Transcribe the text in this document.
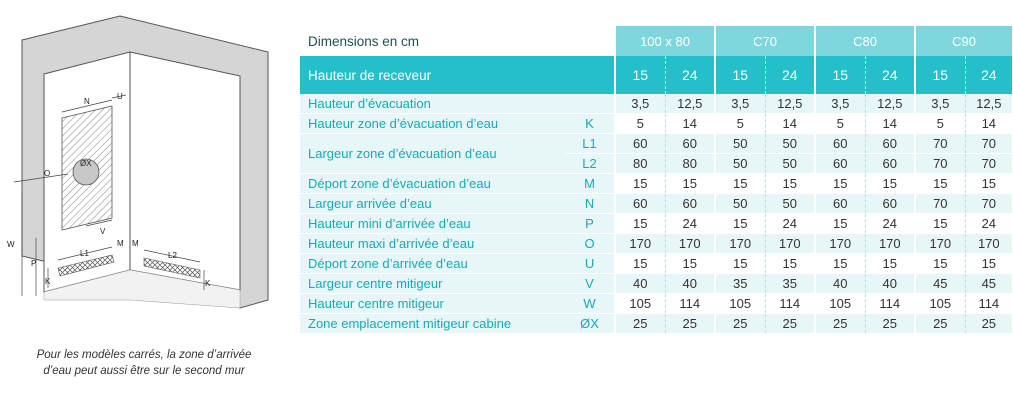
N
U
ØX
O
V
W
P
L1	L2
M M
K	K
Pour les modèles carrés, la zone d’arrivée
d’eau peut aussi être sur le second mur
Dimensions en cm		100 x 80		C70		C80		C90	
Hauteur de receveur		15	24	15	24	15	24	15	24
Hauteur d’évacuation		3,5	12,5	3,5	12,5	3,5	12,5	3,5	12,5
Hauteur zone d’évacuation d’eau	K	5	14	5	14	5	14	5	14
Largeur zone d’évacuation d’eau	L1	60	60	50	50	60	60	70	70
	L2	80	80	50	50	60	60	70	70
Déport zone d’évacuation d’eau	M	15	15	15	15	15	15	15	15
Largeur arrivée d’eau	N	60	60	50	50	60	60	70	70
Hauteur mini d’arrivée d’eau	P	15	24	15	24	15	24	15	24
Hauteur maxi d’arrivée d’eau	O	170	170	170	170	170	170	170	170
Déport zone d’arrivée d’eau	U	15	15	15	15	15	15	15	15
Largeur centre mitigeur	V	40	40	35	35	40	40	45	45
Hauteur centre mitigeur	W	105	114	105	114	105	114	105	114
Zone emplacement mitigeur cabine	ØX	25	25	25	25	25	25	25	25
